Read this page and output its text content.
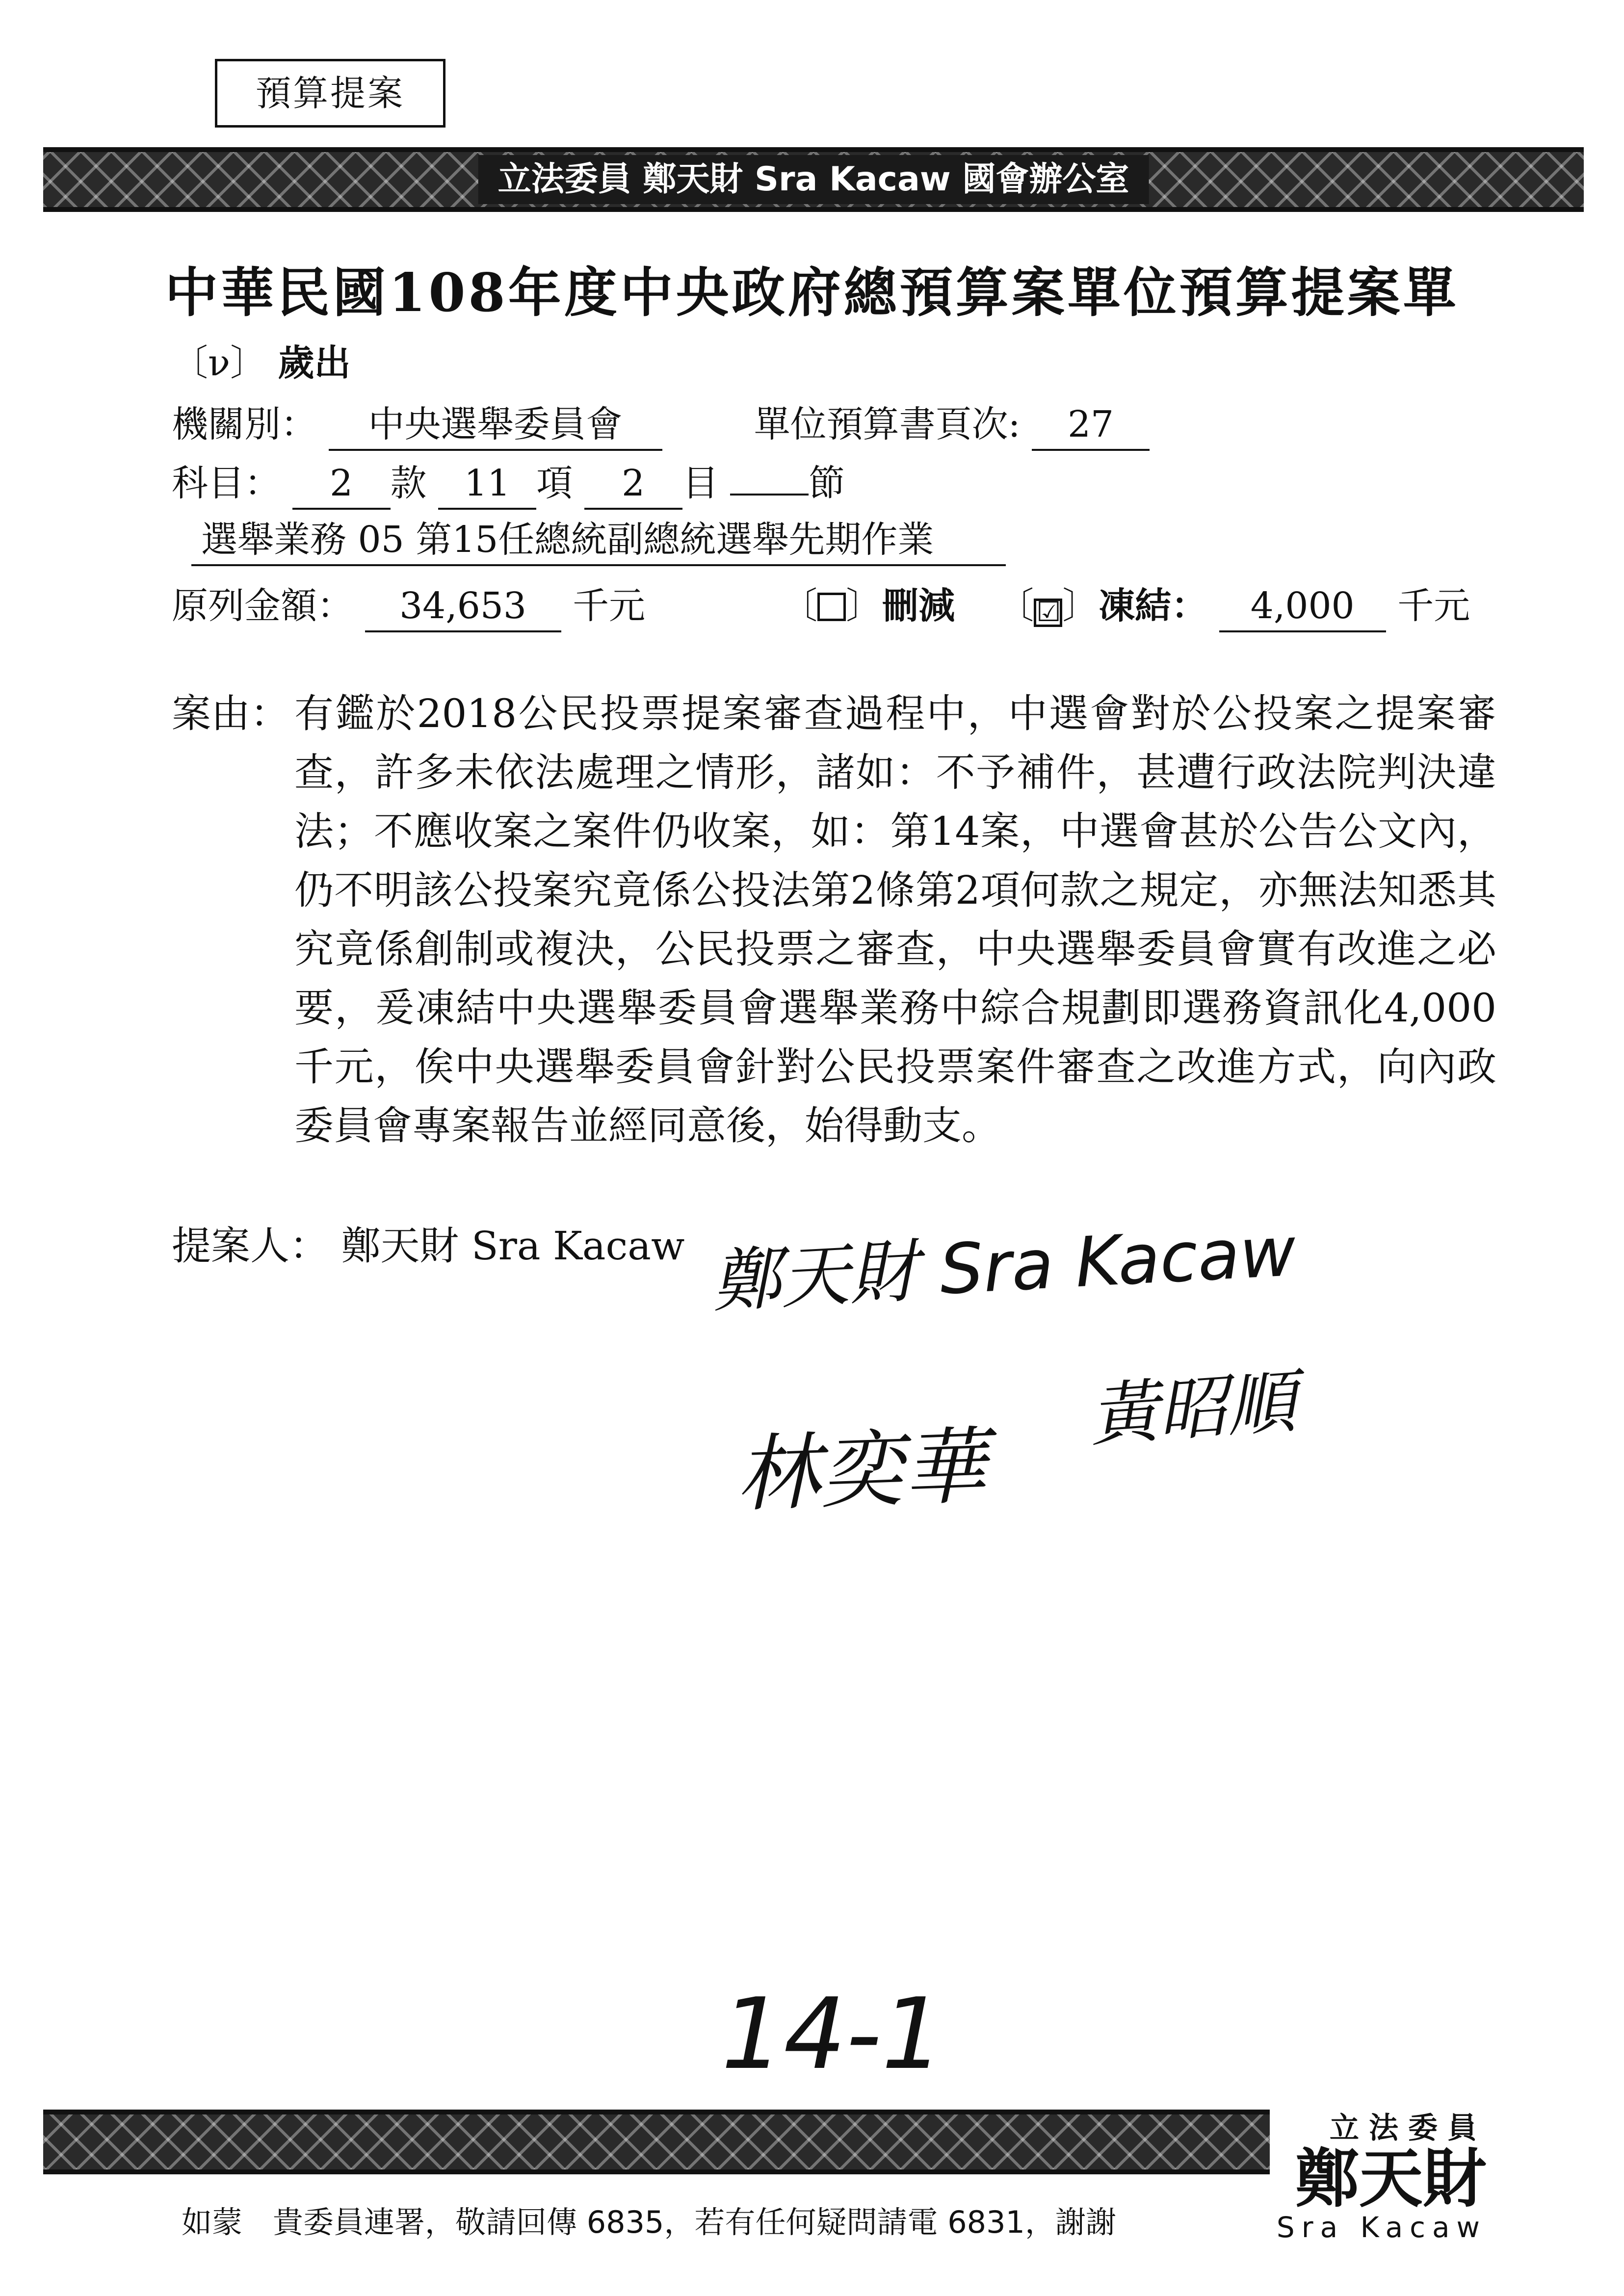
預算提案
立法委員 鄭天財 Sra Kacaw 國會辦公室
中華民國108年度中央政府總預算案單位預算提案單
〔ν〕 歲出
機關別： 中央選舉委員會	單位預算書頁次: 27
科目： 2 款 11 項 2 目 節
選舉業務 05 第15任總統副總統選舉先期作業
原列金額： 34,653 千元	〔 〕刪減 〔☑〕凍結： 4,000 千元
案由： 有鑑於2018公民投票提案審查過程中，中選會對於公投案之提案審查，許多未依法處理之情形，諸如：不予補件，甚遭行政法院判決違法；不應收案之案件仍收案，如：第14案，中選會甚於公告公文內，仍不明該公投案究竟係公投法第2條第2項何款之規定，亦無法知悉其究竟係創制或複決，公民投票之審查，中央選舉委員會實有改進之必要，爰凍結中央選舉委員會選舉業務中綜合規劃即選務資訊化4,000千元，俟中央選舉委員會針對公民投票案件審查之改進方式，向內政委員會專案報告並經同意後，始得動支。
提案人： 鄭天財 Sra Kacaw 鄭天財 Sra Kacaw
林奕華
黃昭順
14-1
立法委員
鄭天財
Sra Kacaw
如蒙　貴委員連署，敬請回傳 6835，若有任何疑問請電 6831，謝謝
